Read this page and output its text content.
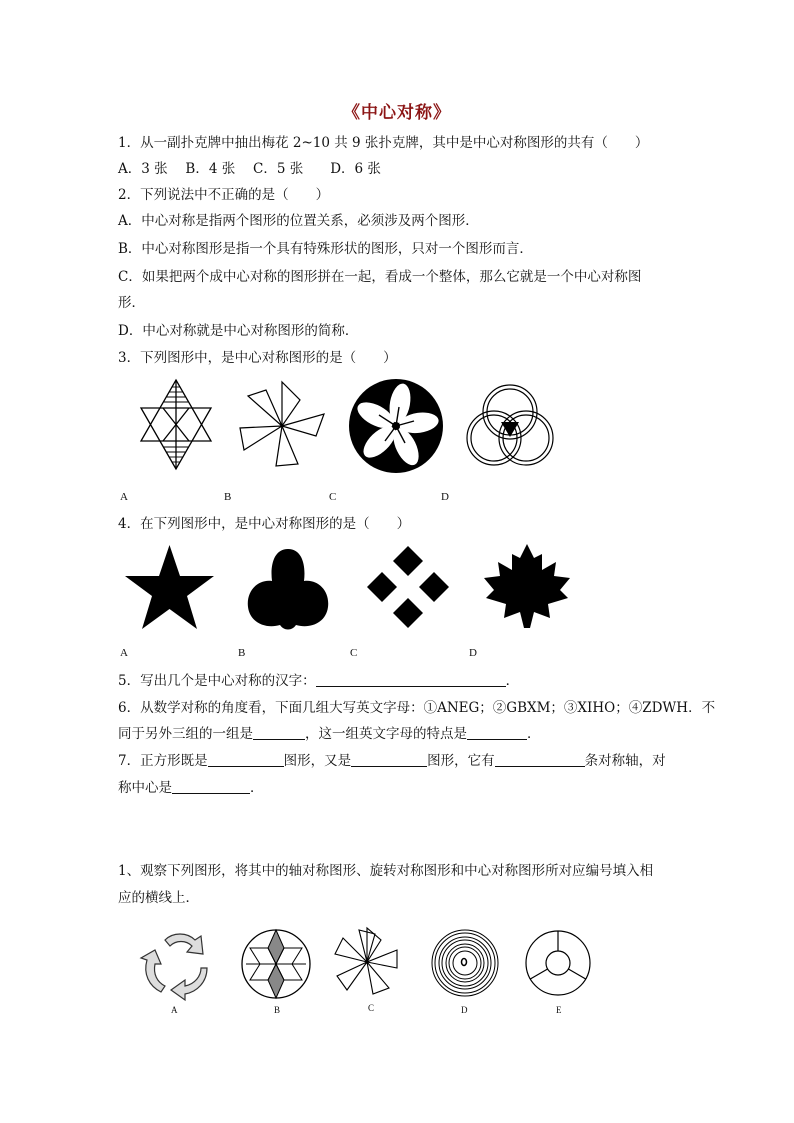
《中心对称》
1．从一副扑克牌中抽出梅花 2~10 共 9 张扑克牌，其中是中心对称图形的共有（　　）
A．3 张　 B．4 张　 C．5 张　　D．6 张
2．下列说法中不正确的是（　　）
A．中心对称是指两个图形的位置关系，必须涉及两个图形．
B．中心对称图形是指一个具有特殊形状的图形，只对一个图形而言．
C．如果把两个成中心对称的图形拼在一起，看成一个整体，那么它就是一个中心对称图
形．
D．中心对称就是中心对称图形的简称．
3．下列图形中，是中心对称图形的是（　　）
A	B	C	D
4．在下列图形中，是中心对称图形的是（　　）
A	B	C	D
5．写出几个是中心对称的汉字：	．
6．从数学对称的角度看，下面几组大写英文字母：①ANEG；②GBXM；③XIHO；④ZDWH．不
同于另外三组的一组是	，这一组英文字母的特点是	．
7．正方形既是	图形，又是	图形，它有	条对称轴，对
称中心是	．
1、观察下列图形，将其中的轴对称图形、旋转对称图形和中心对称图形所对应编号填入相
应的横线上．
A	B	C	D	E
